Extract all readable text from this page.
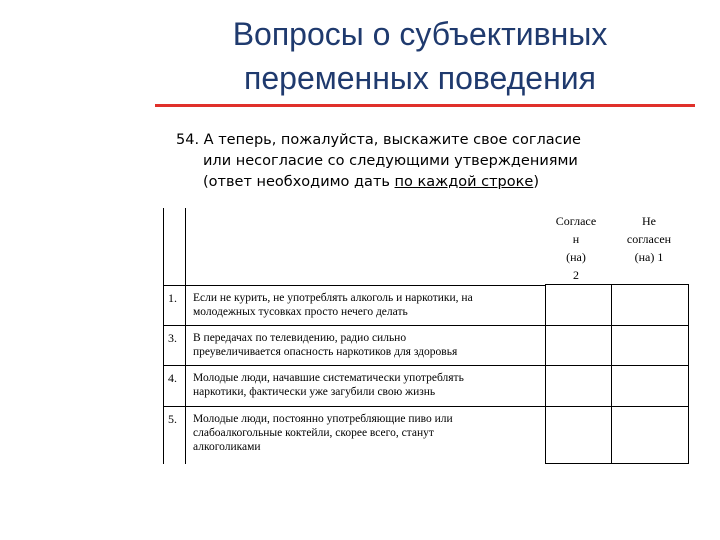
Вопросы о субъективных
переменных поведения
54. А теперь, пожалуйста, выскажите свое согласие
или несогласие со следующими утверждениями
(ответ необходимо дать по каждой строке)
Согласе
н
(на)
2
Не
согласен
(на) 1
1. Если не курить, не употреблять алкоголь и наркотики, на
молодежных тусовках просто нечего делать
3. В передачах по телевидению, радио сильно
преувеличивается опасность наркотиков для здоровья
4. Молодые люди, начавшие систематически употреблять
наркотики, фактически уже загубили свою жизнь
5. Молодые люди, постоянно употребляющие пиво или
слабоалкогольные коктейли, скорее всего, станут
алкоголиками
